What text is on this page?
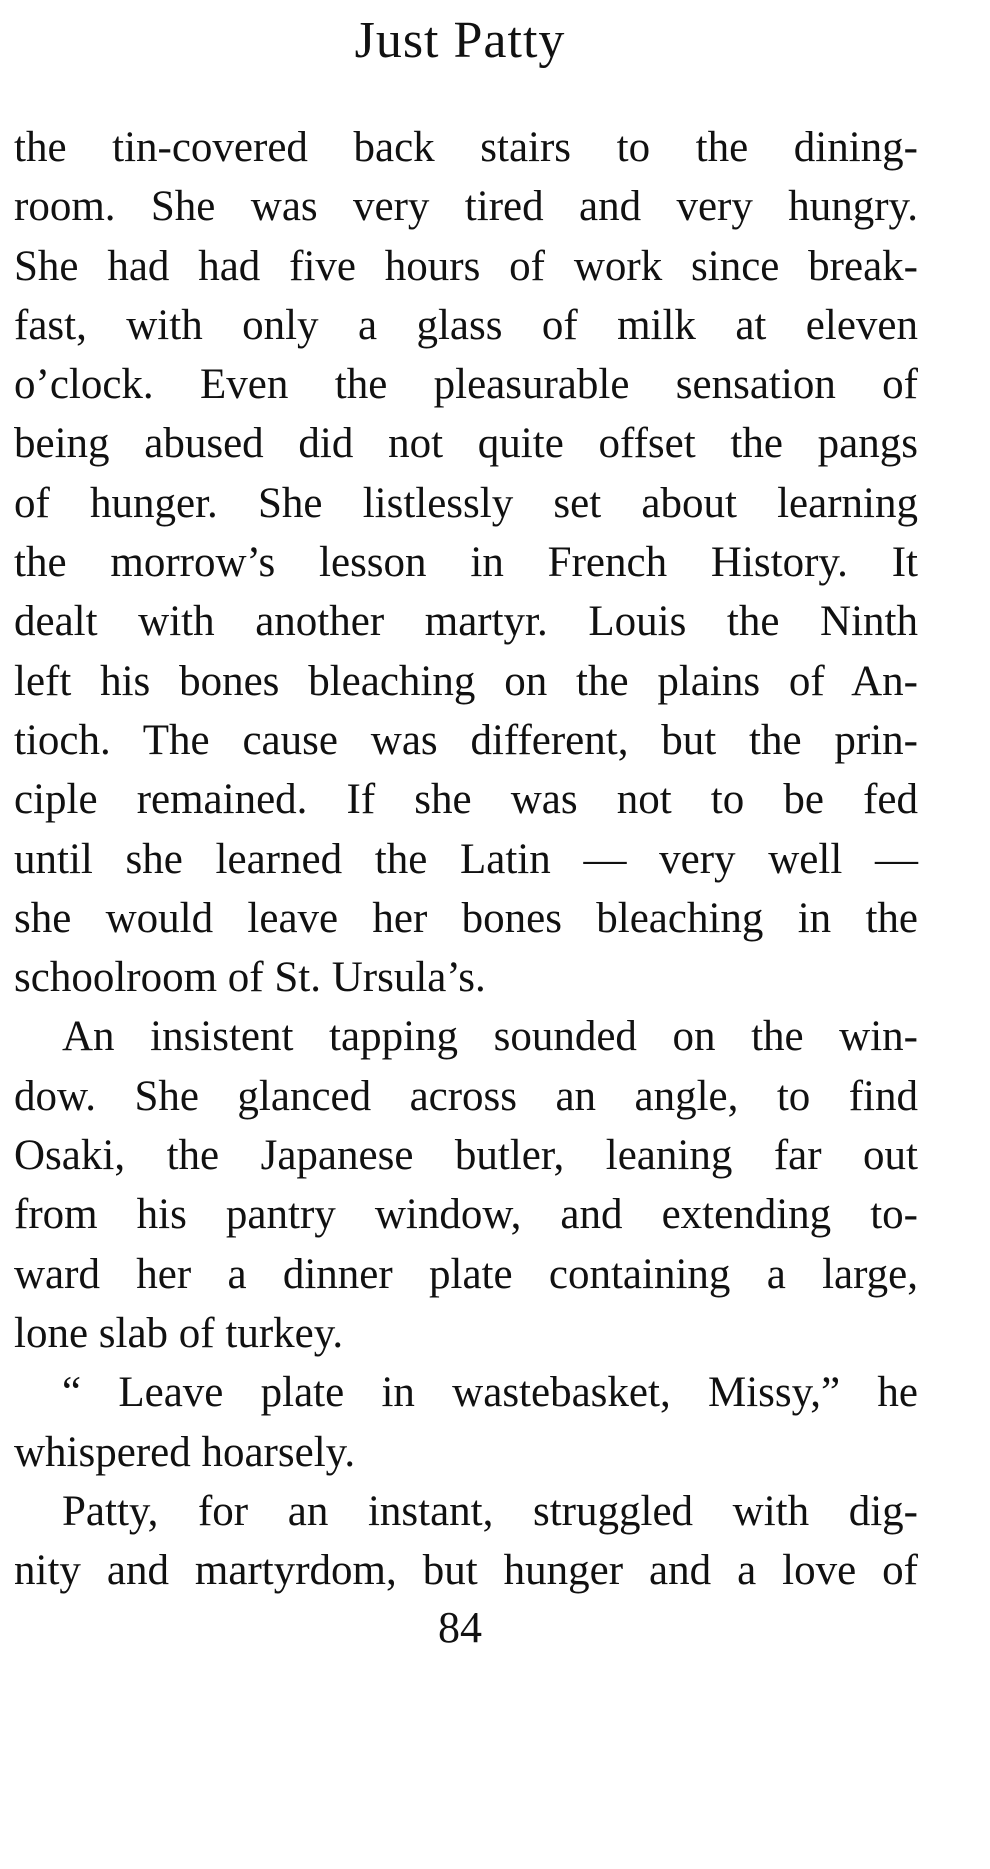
Just Patty
the tin-covered back stairs to the dining-
room. She was very tired and very hungry.
She had had five hours of work since break-
fast, with only a glass of milk at eleven
o’clock. Even the pleasurable sensation of
being abused did not quite offset the pangs
of hunger. She listlessly set about learning
the morrow’s lesson in French History. It
dealt with another martyr. Louis the Ninth
left his bones bleaching on the plains of An-
tioch. The cause was different, but the prin-
ciple remained. If she was not to be fed
until she learned the Latin — very well —
she would leave her bones bleaching in the
schoolroom of St. Ursula’s.
An insistent tapping sounded on the win-
dow. She glanced across an angle, to find
Osaki, the Japanese butler, leaning far out
from his pantry window, and extending to-
ward her a dinner plate containing a large,
lone slab of turkey.
“ Leave plate in wastebasket, Missy,” he
whispered hoarsely.
Patty, for an instant, struggled with dig-
nity and martyrdom, but hunger and a love of
84
